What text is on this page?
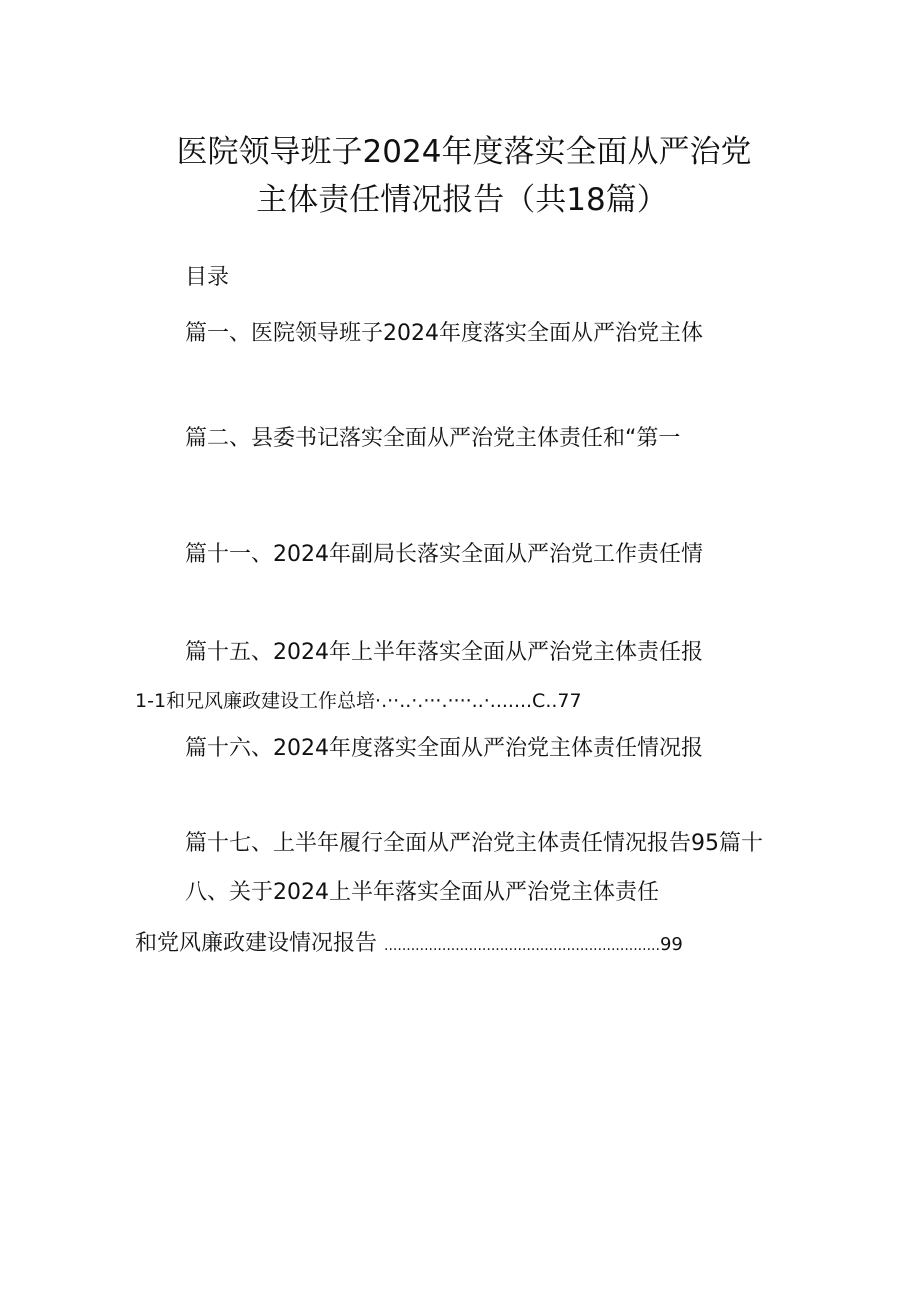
医院领导班子2024年度落实全面从严治党
主体责任情况报告（共18篇）
目录
篇一、医院领导班子2024年度落实全面从严治党主体
篇二、县委书记落实全面从严治党主体责任和“第一
篇十一、2024年副局长落实全面从严治党工作责任情
篇十五、2024年上半年落实全面从严治党主体责任报
1-1和兄风廉政建设工作总培·.··..·.···.····..·.......C..77
篇十六、2024年度落实全面从严治党主体责任情况报
篇十七、上半年履行全面从严治党主体责任情况报告95篇十
八、关于2024上半年落实全面从严治党主体责任
和党风廉政建设情况报告 ..............................................................99
